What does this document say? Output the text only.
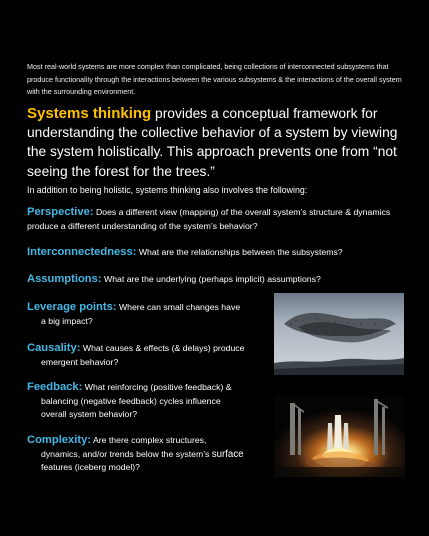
Most real-world systems are more complex than complicated, being collections of interconnected subsystems that produce functionality through the interactions between the various subsystems & the interactions of the overall system with the surrounding environment.
Systems thinking provides a conceptual framework for understanding the collective behavior of a system by viewing the system holistically. This approach prevents one from “not seeing the forest for the trees.”
In addition to being holistic, systems thinking also involves the following:
Perspective: Does a different view (mapping) of the overall system’s structure & dynamics produce a different understanding of the system’s behavior?
Interconnectedness: What are the relationships between the subsystems?
Assumptions: What are the underlying (perhaps implicit) assumptions?
Leverage points: Where can small changes have a big impact?
Causality: What causes & effects (& delays) produce emergent behavior?
Feedback: What reinforcing (positive feedback) & balancing (negative feedback) cycles influence overall system behavior?
Complexity: Are there complex structures, dynamics, and/or trends below the system’s surface features (iceberg model)?
